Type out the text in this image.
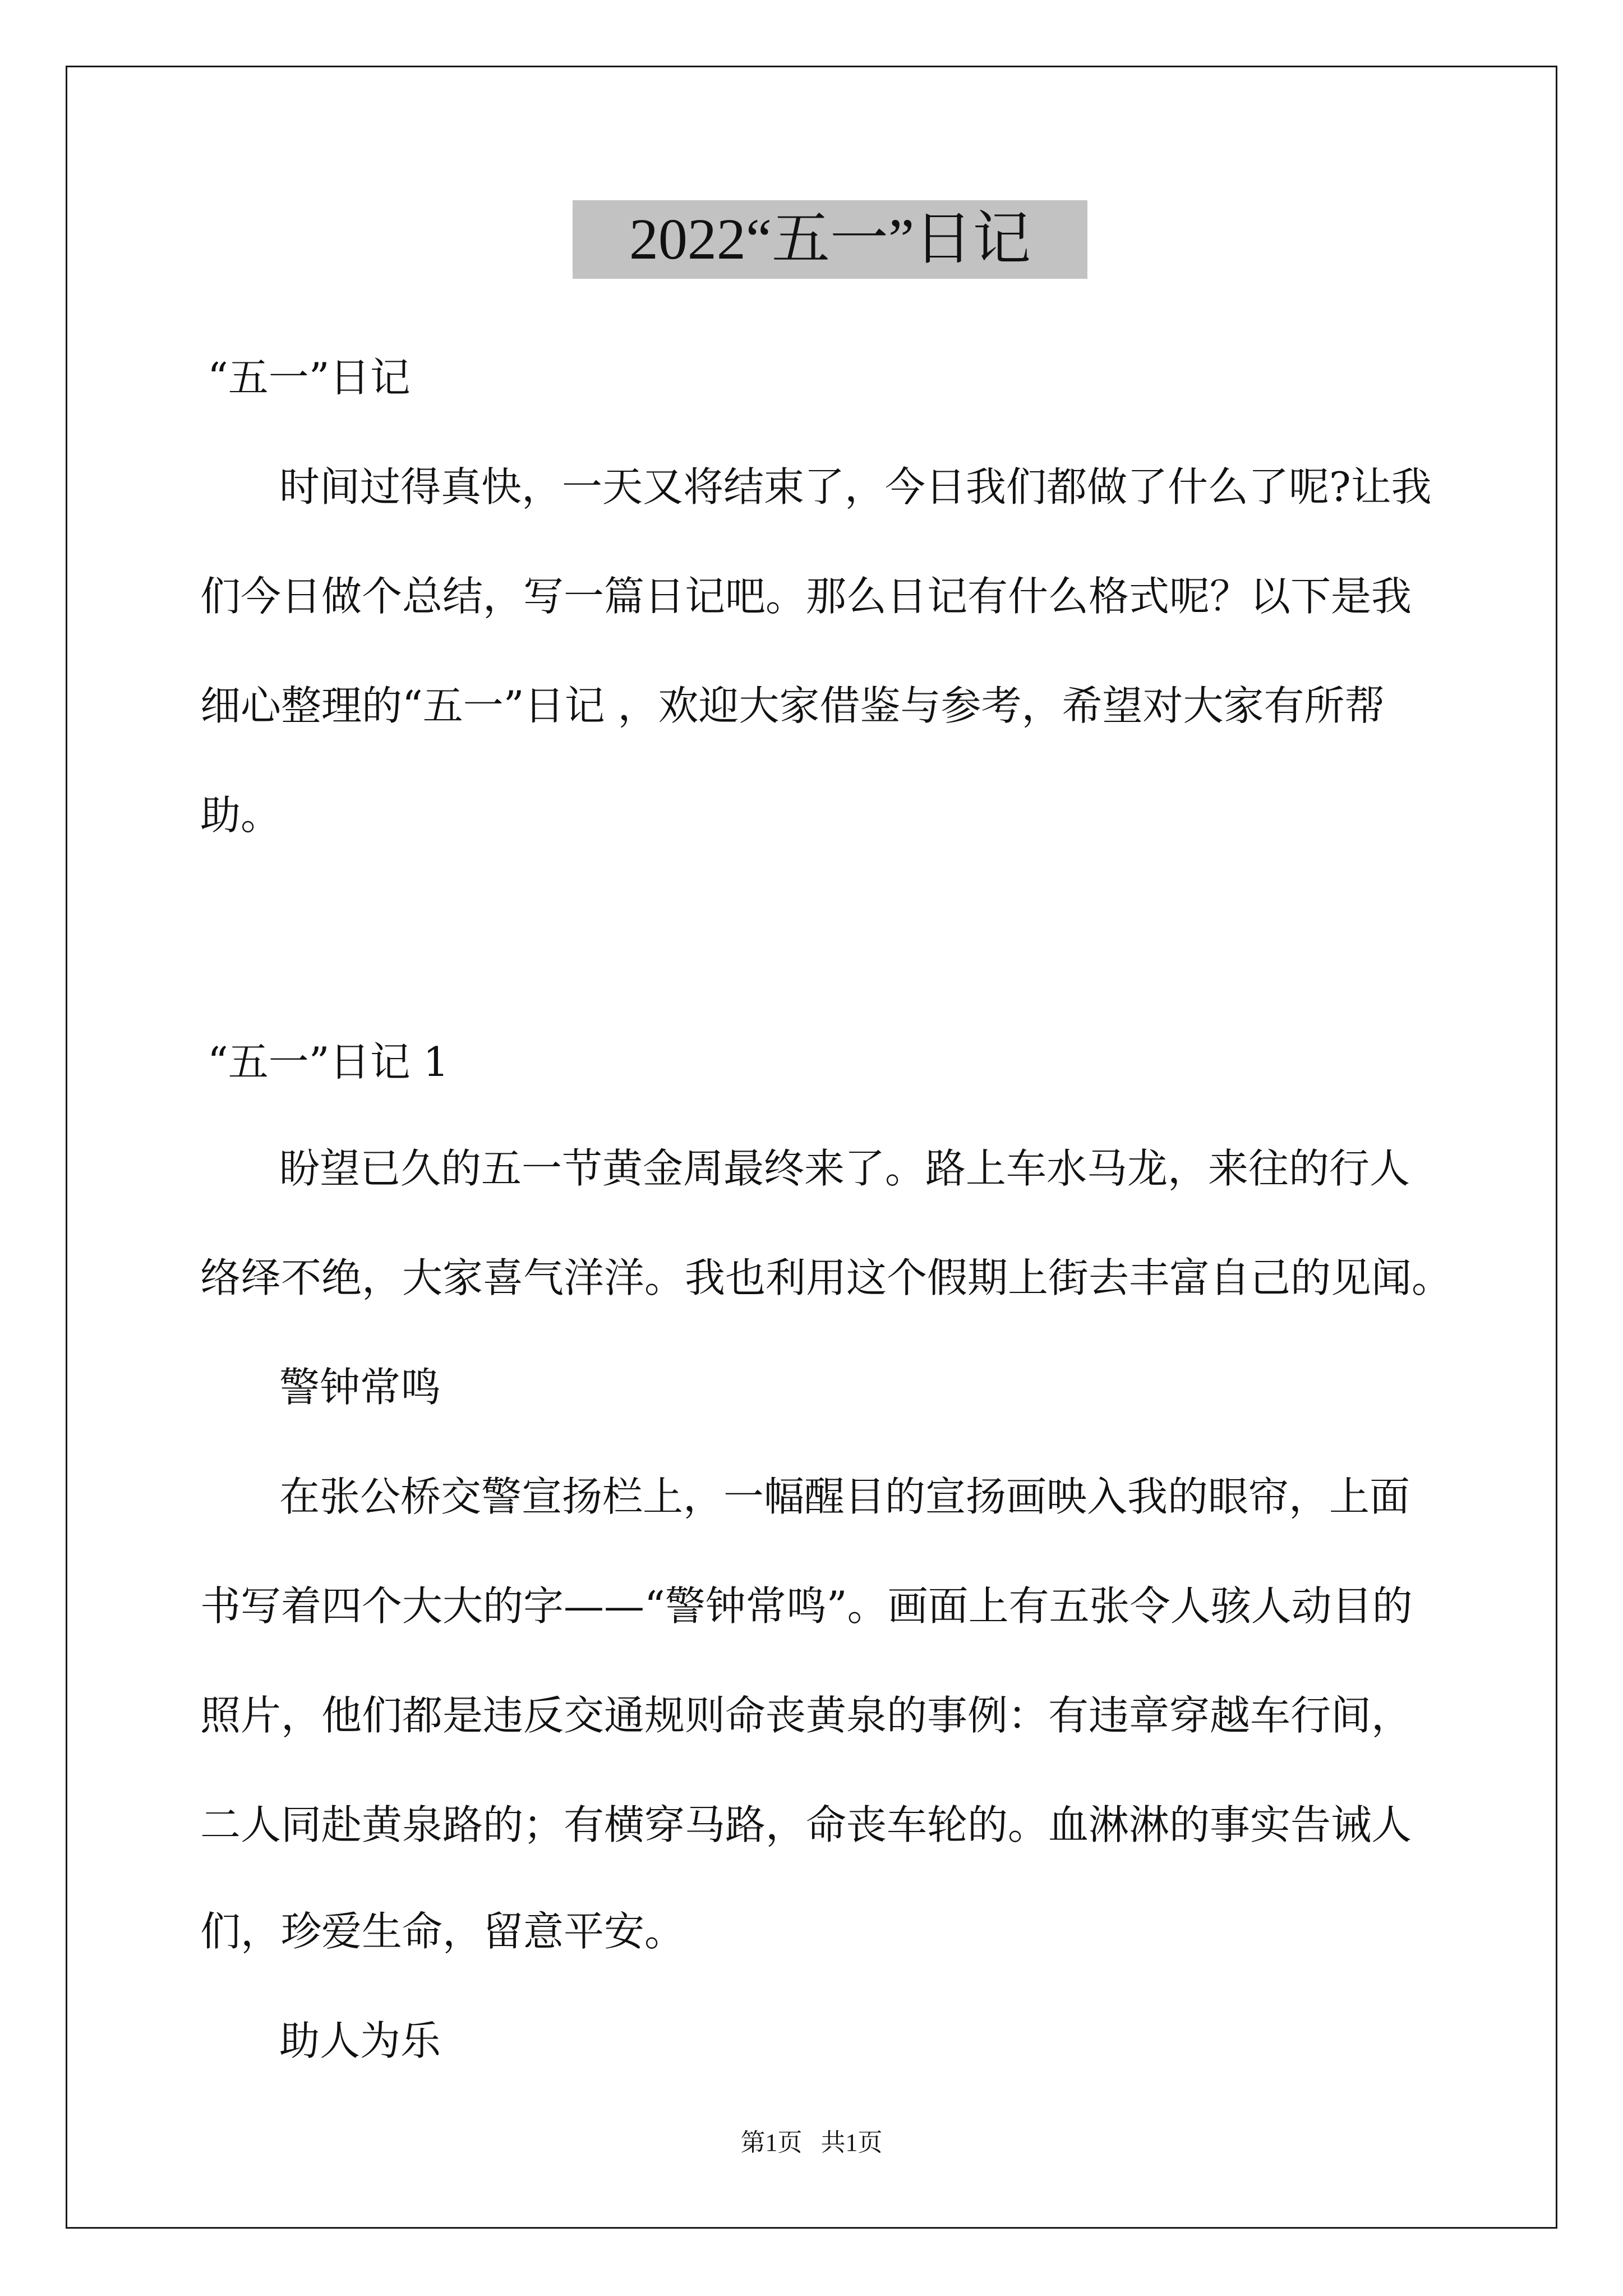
2022“五一”日记
“五一”日记
时间过得真快，一天又将结束了，今日我们都做了什么了呢?让我
们今日做个总结，写一篇日记吧。那么日记有什么格式呢？以下是我
细心整理的“五一”日记 ，欢迎大家借鉴与参考，希望对大家有所帮
助。
“五一”日记 1
盼望已久的五一节黄金周最终来了。路上车水马龙，来往的行人
络绎不绝，大家喜气洋洋。我也利用这个假期上街去丰富自己的见闻。
警钟常鸣
在张公桥交警宣扬栏上，一幅醒目的宣扬画映入我的眼帘，上面
书写着四个大大的字——“警钟常鸣”。画面上有五张令人骇人动目的
照片，他们都是违反交通规则命丧黄泉的事例：有违章穿越车行间，
二人同赴黄泉路的；有横穿马路，命丧车轮的。血淋淋的事实告诫人
们，珍爱生命，留意平安。
助人为乐
第1页   共1页
